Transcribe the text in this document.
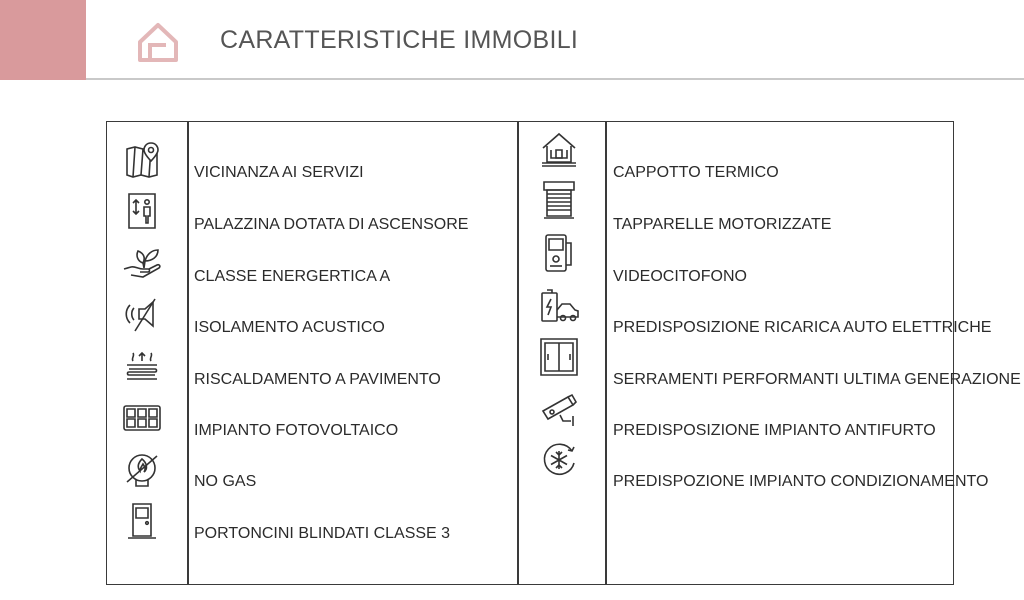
CARATTERISTICHE IMMOBILI
VICINANZA AI SERVIZI
PALAZZINA DOTATA DI ASCENSORE
CLASSE ENERGERTICA A
ISOLAMENTO ACUSTICO
RISCALDAMENTO A PAVIMENTO
IMPIANTO FOTOVOLTAICO
NO GAS
PORTONCINI BLINDATI CLASSE 3
CAPPOTTO TERMICO
TAPPARELLE MOTORIZZATE
VIDEOCITOFONO
PREDISPOSIZIONE RICARICA AUTO ELETTRICHE
SERRAMENTI PERFORMANTI ULTIMA GENERAZIONE
PREDISPOSIZIONE IMPIANTO ANTIFURTO
PREDISPOZIONE IMPIANTO CONDIZIONAMENTO
